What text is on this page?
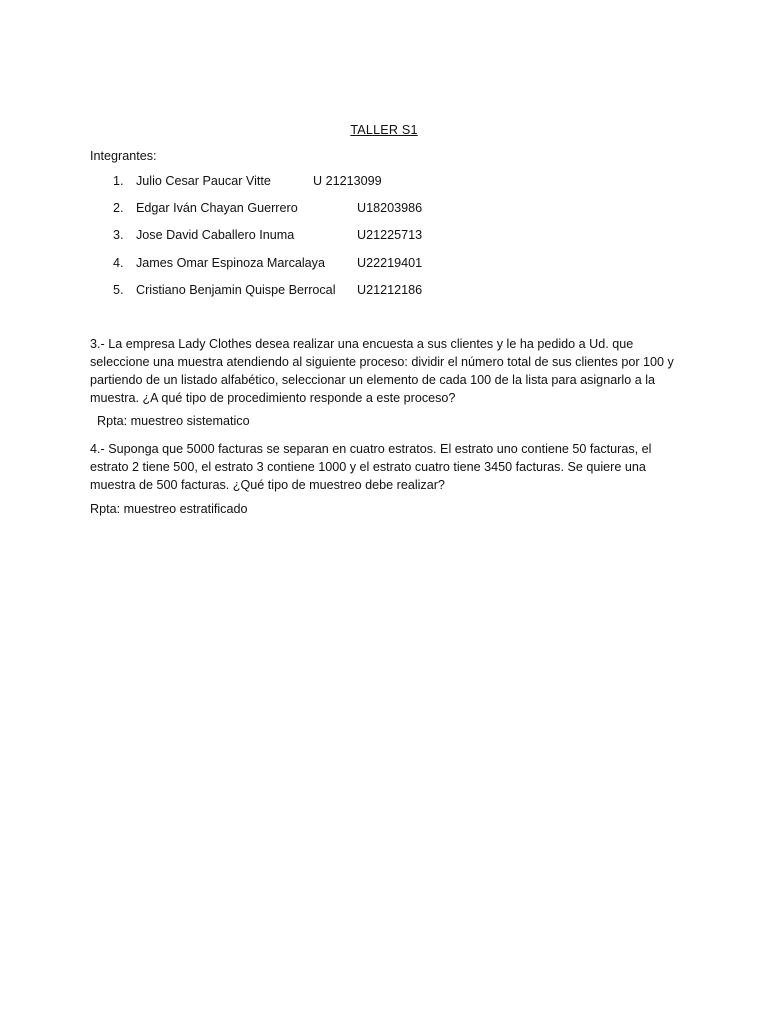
TALLER S1
Integrantes:
1. Julio Cesar Paucar Vitte	U 21213099
2. Edgar Iván Chayan Guerrero	U18203986
3. Jose David Caballero Inuma	U21225713
4. James Omar Espinoza Marcalaya	U22219401
5. Cristiano Benjamin Quispe Berrocal U21212186
3.- La empresa Lady Clothes desea realizar una encuesta a sus clientes y le ha pedido a Ud. que seleccione una muestra atendiendo al siguiente proceso: dividir el número total de sus clientes por 100 y partiendo de un listado alfabético, seleccionar un elemento de cada 100 de la lista para asignarlo a la muestra. ¿A qué tipo de procedimiento responde a este proceso?
Rpta: muestreo sistematico
4.- Suponga que 5000 facturas se separan en cuatro estratos. El estrato uno contiene 50 facturas, el estrato 2 tiene 500, el estrato 3 contiene 1000 y el estrato cuatro tiene 3450 facturas. Se quiere una muestra de 500 facturas. ¿Qué tipo de muestreo debe realizar?
Rpta: muestreo estratificado
